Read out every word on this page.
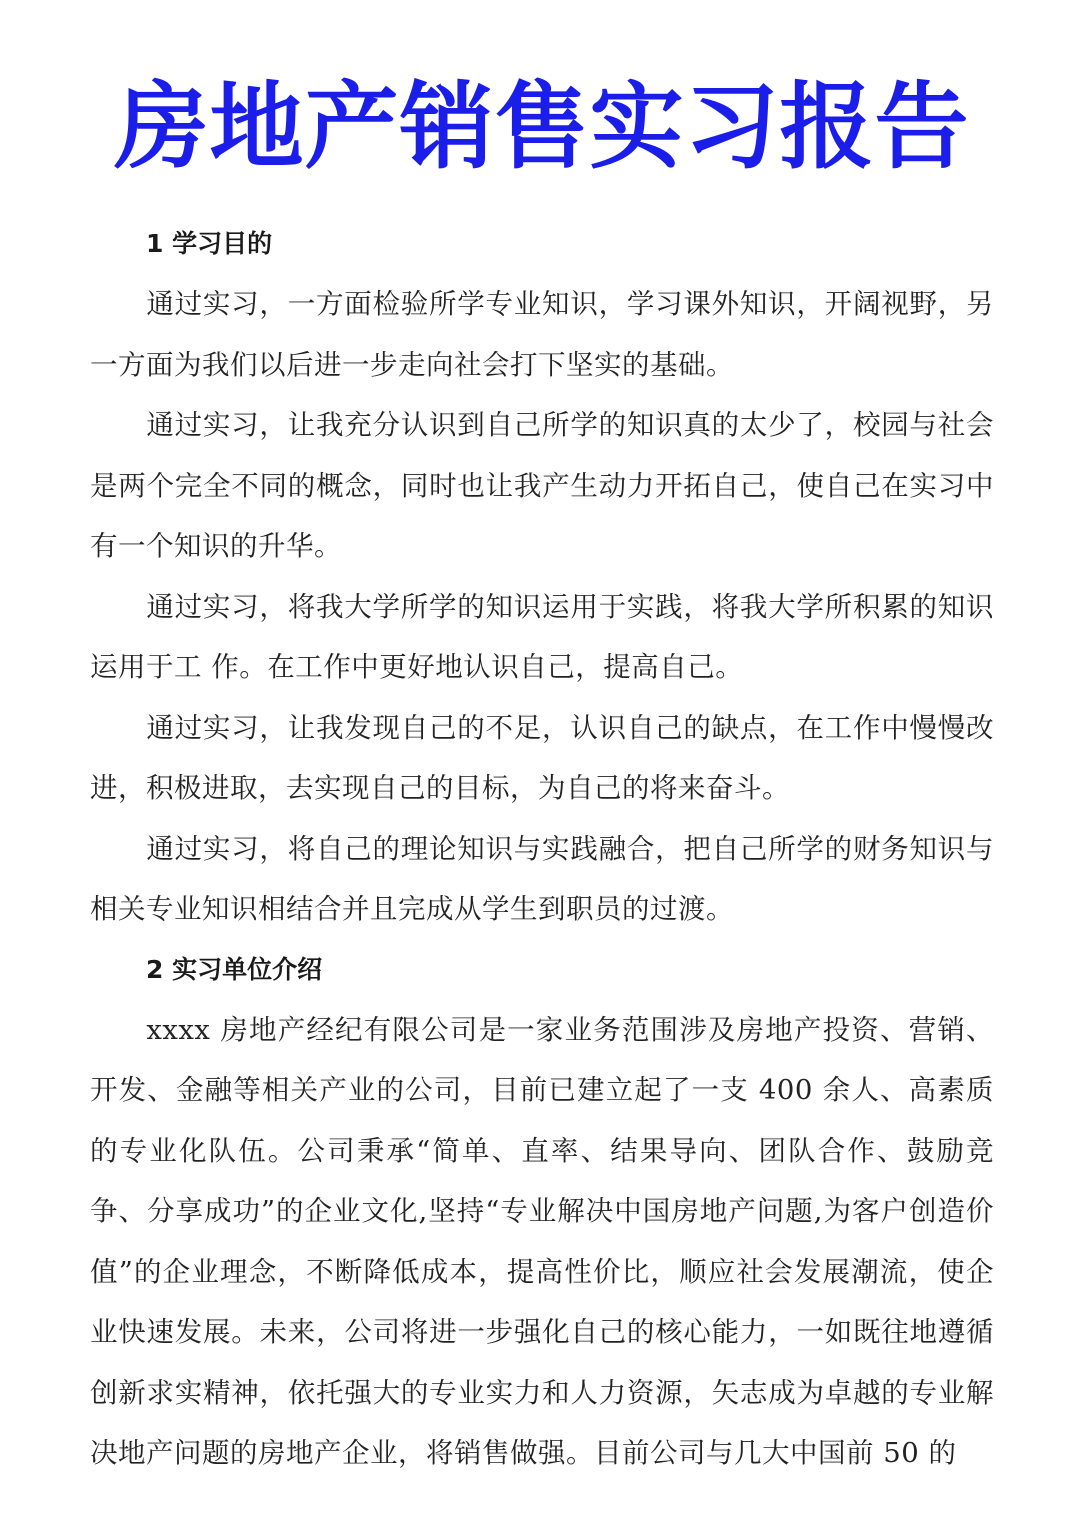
房地产销售实习报告
1 学习目的

通过实习，一方面检验所学专业知识，学习课外知识，开阔视野，另一方面为我们以后进一步走向社会打下坚实的基础。

通过实习，让我充分认识到自己所学的知识真的太少了，校园与社会是两个完全不同的概念，同时也让我产生动力开拓自己，使自己在实习中有一个知识的升华。

通过实习，将我大学所学的知识运用于实践，将我大学所积累的知识运用于工 作。在工作中更好地认识自己，提高自己。

通过实习，让我发现自己的不足，认识自己的缺点，在工作中慢慢改进，积极进取，去实现自己的目标，为自己的将来奋斗。

通过实习，将自己的理论知识与实践融合，把自己所学的财务知识与相关专业知识相结合并且完成从学生到职员的过渡。

2 实习单位介绍

xxxx 房地产经纪有限公司是一家业务范围涉及房地产投资、营销、开发、金融等相关产业的公司，目前已建立起了一支 400 余人、高素质的专业化队伍。公司秉承“简单、直率、结果导向、团队合作、鼓励竞争、分享成功”的企业文化,坚持“专业解决中国房地产问题,为客户创造价值”的企业理念，不断降低成本，提高性价比，顺应社会发展潮流，使企业快速发展。未来，公司将进一步强化自己的核心能力，一如既往地遵循创新求实精神，依托强大的专业实力和人力资源，矢志成为卓越的专业解决地产问题的房地产企业，将销售做强。目前公司与几大中国前 50 的
